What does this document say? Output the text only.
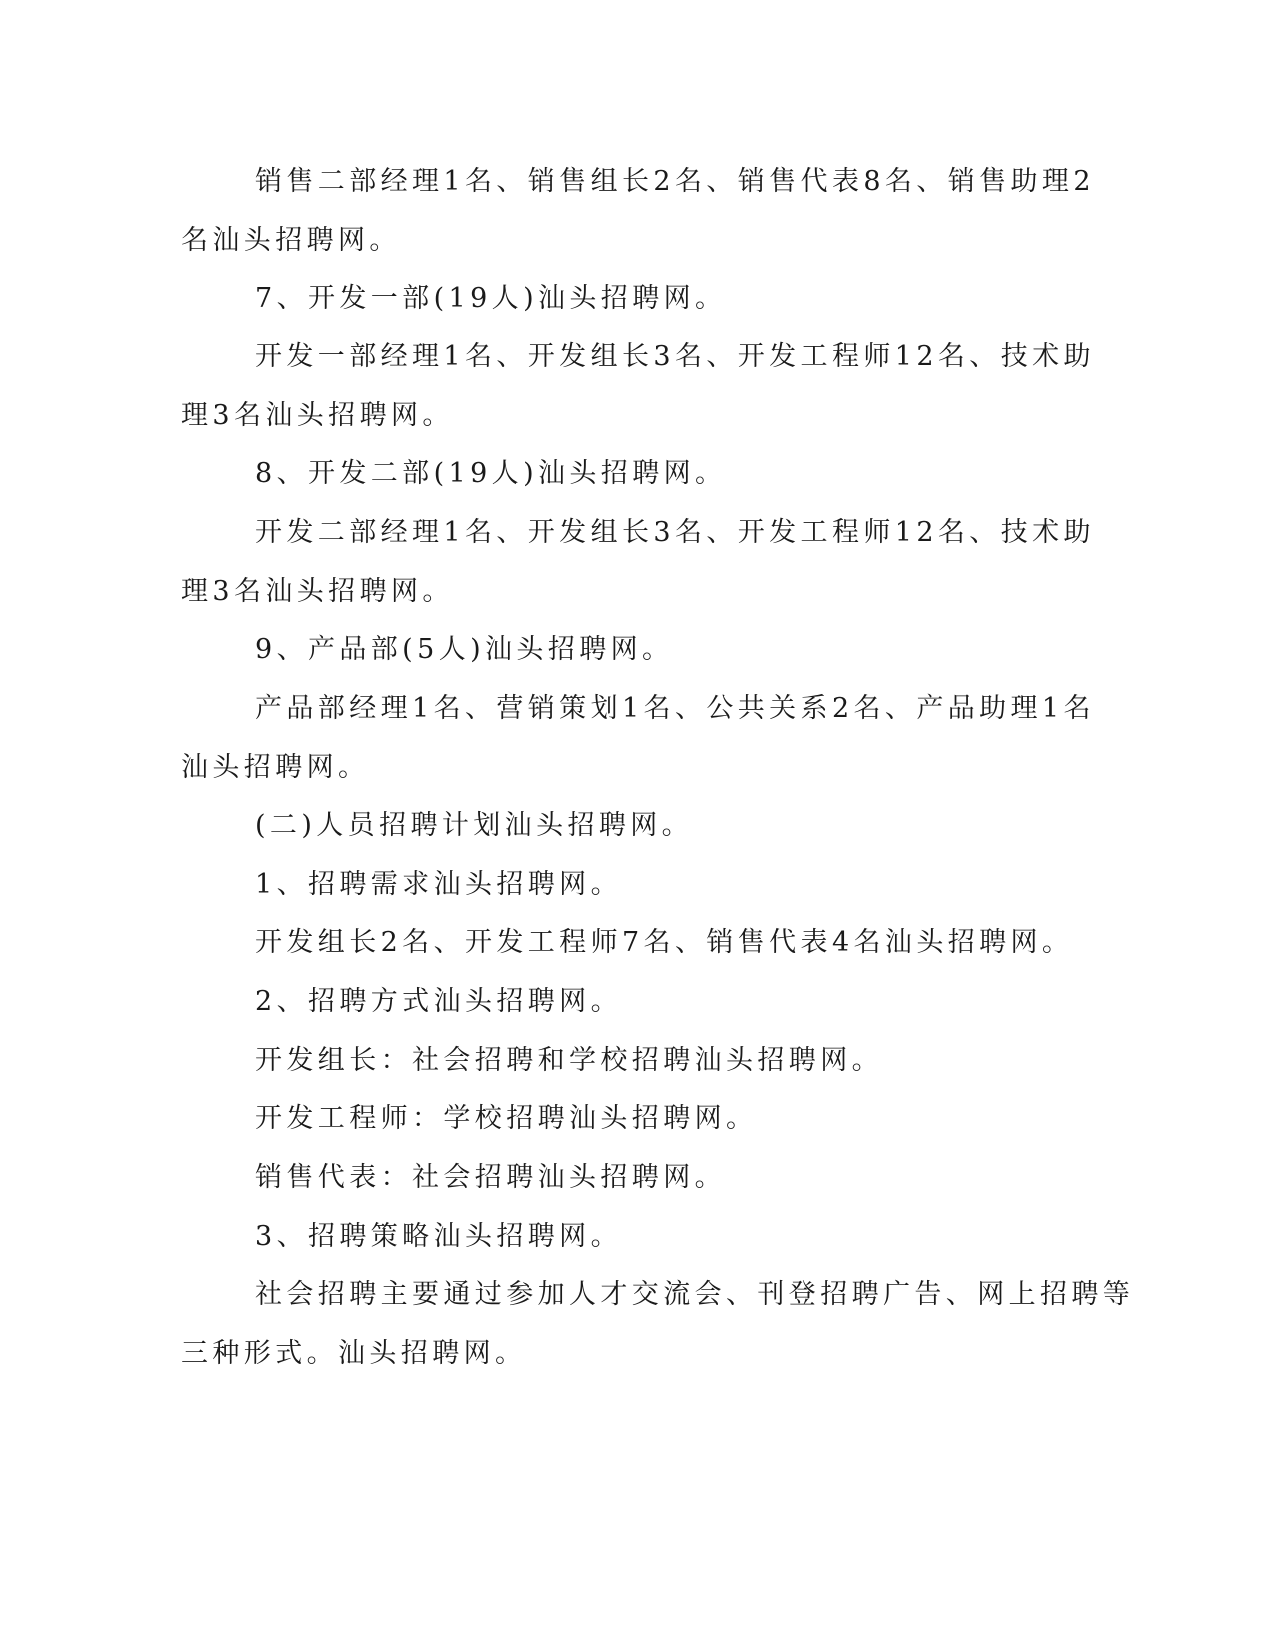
销售二部经理1名、销售组长2名、销售代表8名、销售助理2
名汕头招聘网。
7、开发一部(19人)汕头招聘网。
开发一部经理1名、开发组长3名、开发工程师12名、技术助
理3名汕头招聘网。
8、开发二部(19人)汕头招聘网。
开发二部经理1名、开发组长3名、开发工程师12名、技术助
理3名汕头招聘网。
9、产品部(5人)汕头招聘网。
产品部经理1名、营销策划1名、公共关系2名、产品助理1名
汕头招聘网。
(二)人员招聘计划汕头招聘网。
1、招聘需求汕头招聘网。
开发组长2名、开发工程师7名、销售代表4名汕头招聘网。
2、招聘方式汕头招聘网。
开发组长：社会招聘和学校招聘汕头招聘网。
开发工程师：学校招聘汕头招聘网。
销售代表：社会招聘汕头招聘网。
3、招聘策略汕头招聘网。
社会招聘主要通过参加人才交流会、刊登招聘广告、网上招聘等
三种形式。汕头招聘网。
